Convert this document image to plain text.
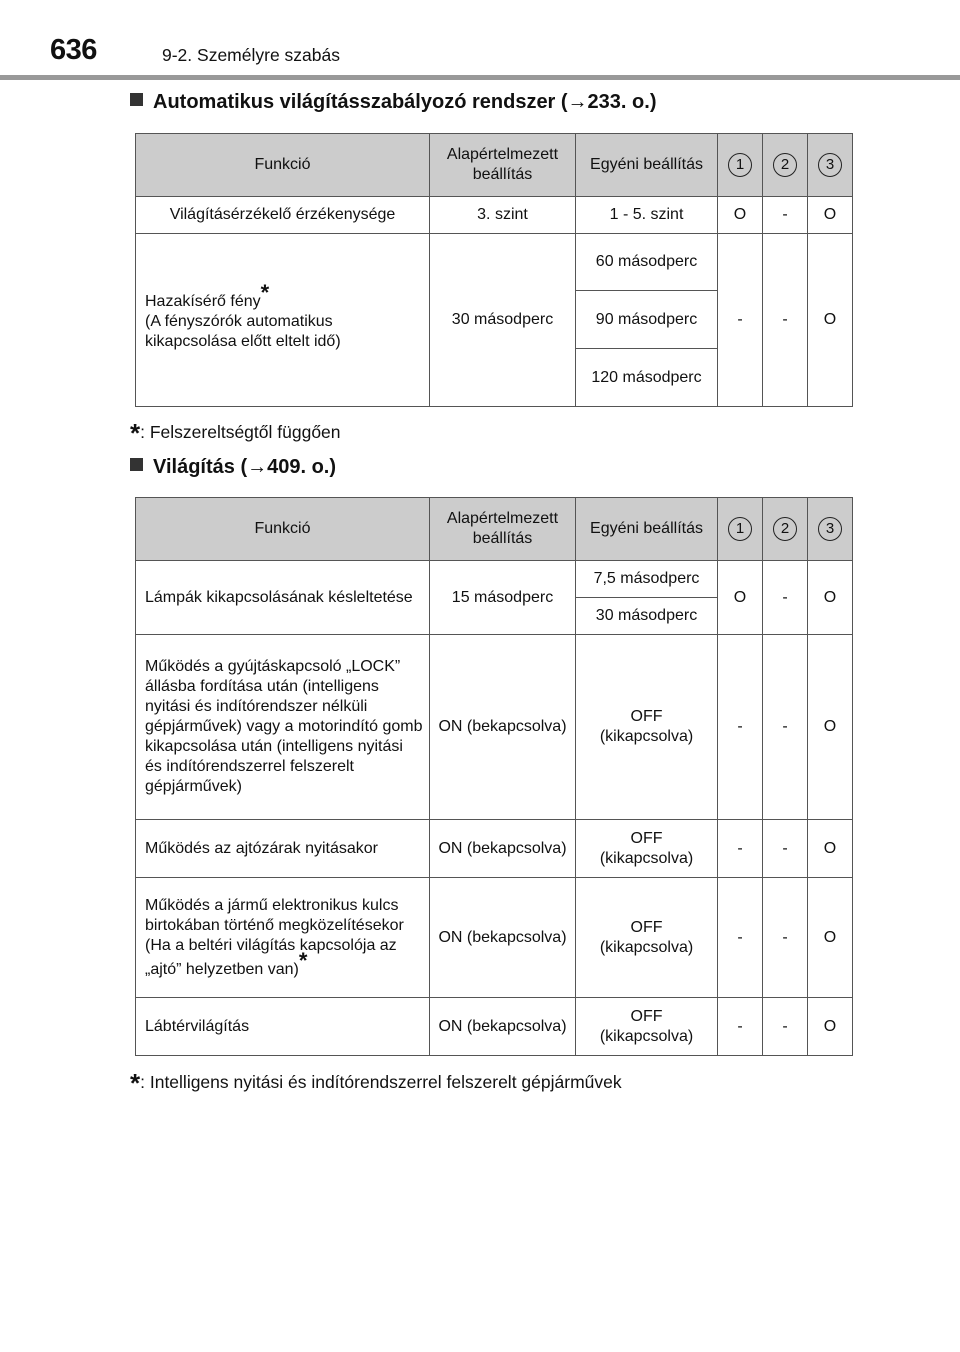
636	9-2. Személyre szabás
Automatikus világításszabályozó rendszer (→233. o.)
Funkció	Alapértelmezett beállítás	Egyéni beállítás	1	2	3
Világításérzékelő érzékenysége	3. szint	1 - 5. szint	O	-	O
Hazakísérő fény*
(A fényszórók automatikus kikapcsolása előtt eltelt idő)	30 másodperc	60 másodperc	-	-	O
		90 másodperc			
		120 másodperc			
*: Felszereltségtől függően
Világítás (→409. o.)
Funkció	Alapértelmezett beállítás	Egyéni beállítás	1	2	3
Lámpák kikapcsolásának késleltetése	15 másodperc	7,5 másodperc	O	-	O
		30 másodperc			
Működés a gyújtáskapcsoló „LOCK” állásba fordítása után (intelligens nyitási és indítórendszer nélküli gépjárművek) vagy a motorindító gomb kikapcsolása után (intelligens nyitási és indítórendszerrel felszerelt gépjárművek)	ON (bekapcsolva)	OFF (kikapcsolva)	-	-	O
Működés az ajtózárak nyitásakor	ON (bekapcsolva)	OFF (kikapcsolva)	-	-	O
Működés a jármű elektronikus kulcs birtokában történő megközelítésekor (Ha a beltéri világítás kapcsolója az „ajtó” helyzetben van)*	ON (bekapcsolva)	OFF (kikapcsolva)	-	-	O
Lábtérvilágítás	ON (bekapcsolva)	OFF (kikapcsolva)	-	-	O
*: Intelligens nyitási és indítórendszerrel felszerelt gépjárművek
